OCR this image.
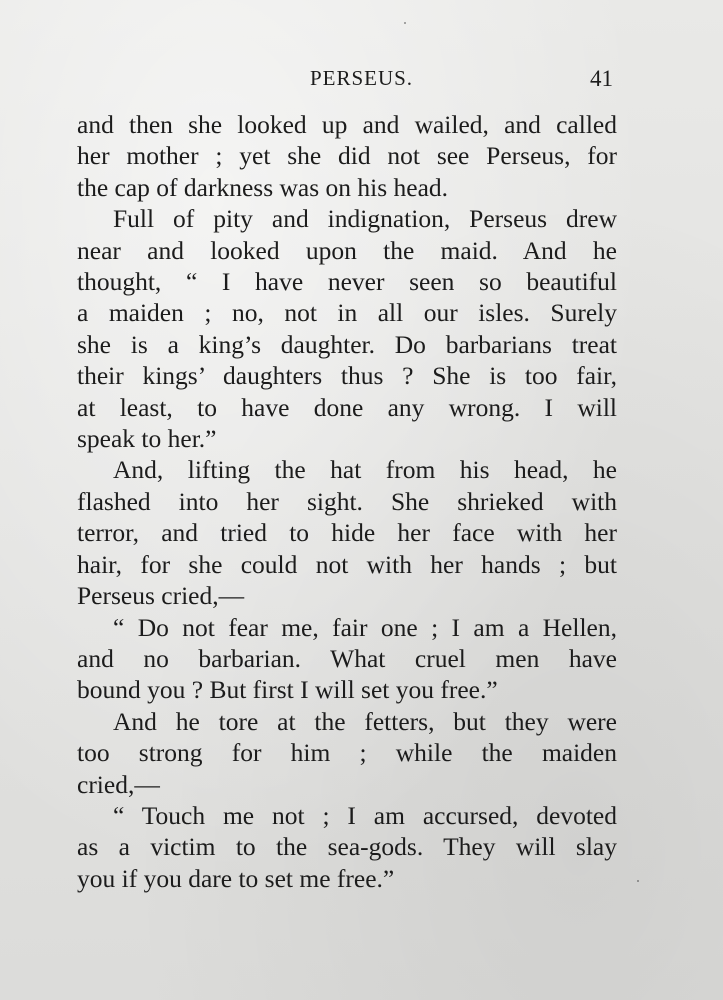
PERSEUS.	41

and then she looked up and wailed, and called
her mother ; yet she did not see Perseus, for
the cap of darkness was on his head.

Full of pity and indignation, Perseus drew
near and looked upon the maid. And he
thought, “ I have never seen so beautiful
a maiden ; no, not in all our isles. Surely
she is a king’s daughter. Do barbarians treat
their kings’ daughters thus ? She is too fair,
at least, to have done any wrong. I will
speak to her.”

And, lifting the hat from his head, he
flashed into her sight. She shrieked with
terror, and tried to hide her face with her
hair, for she could not with her hands ; but
Perseus cried,—

“ Do not fear me, fair one ; I am a Hellen,
and no barbarian. What cruel men have
bound you ? But first I will set you free.”

And he tore at the fetters, but they were
too strong for him ; while the maiden
cried,—

“ Touch me not ; I am accursed, devoted
as a victim to the sea-gods. They will slay
you if you dare to set me free.”
